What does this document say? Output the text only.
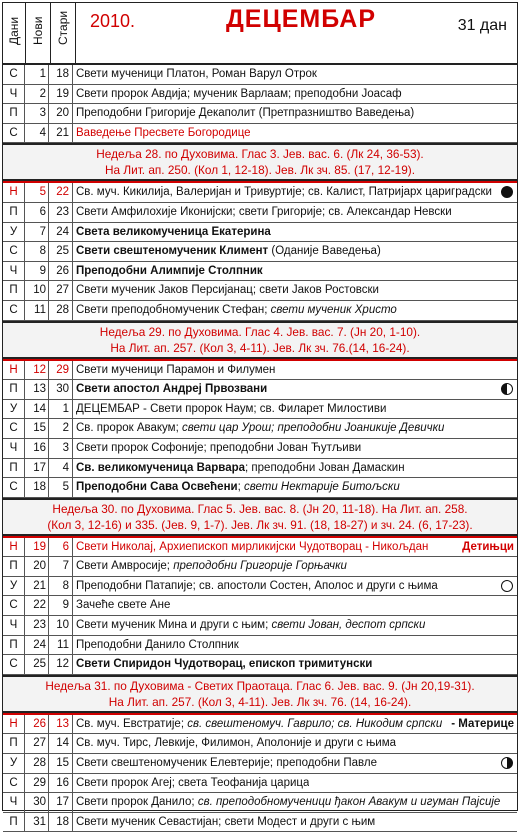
Дани Нови Стари 2010.	ДЕЦЕМБАР	31 дан
С	1 18 Свети мученици Платон, Роман Варул Отрок
Ч	2 19 Свети пророк Авдија; мученик Варлаам; преподобни Јоасаф
П	3 20 Преподобни Григорије Декаполит (Претпразништво Ваведења)
С	4 21 Ваведење Пресвете Богородице
Недеља 28. по Духовима. Глас 3. Јев. вас. 6. (Лк 24, 36-53).
На Лит. ап. 250. (Кол 1, 12-18). Јев. Лк зч. 85. (17, 12-19).
Н	5 22 Св. муч. Кикилија, Валеријан и Тривуртије; св. Калист, Патријарх цариградски
П	6 23 Свети Амфилохије Иконијски; свети Григорије; св. Александар Невски
У	7 24 Света великомученица Екатерина
С	8 25 Свети свештеномученик Климент (Оданије Ваведења)
Ч	9 26 Преподобни Алимпије Столпник
П	10 27 Свети мученик Јаков Персијанац; свети Јаков Ростовски
С	11 28 Свети преподобномученик Стефан; свети мученик Христо
Недеља 29. по Духовима. Глас 4. Јев. вас. 7. (Јн 20, 1-10).
На Лит. ап. 257. (Кол 3, 4-11). Јев. Лк зч. 76.(14, 16-24).
Н	12 29 Свети мученици Парамон и Филумен
П	13 30 Свети апостол Андреј Првозвани
У	14	1 ДЕЦЕМБАР - Свети пророк Наум; св. Филарет Милостиви
С	15	2 Св. пророк Авакум; свети цар Урош; преподобни Јоаникије Девички
Ч	16	3 Свети пророк Софоније; преподобни Јован Ћутљиви
П	17	4 Св. великомученица Варвара; преподобни Јован Дамаскин
С	18	5 Преподобни Сава Освећени; свети Нектарије Битољски
Недеља 30. по Духовима. Глас 5. Јев. вас. 8. (Јн 20, 11-18). На Лит. ап. 258.
(Кол 3, 12-16) и 335. (Јев. 9, 1-7). Јев. Лк зч. 91. (18, 18-27) и зч. 24. (6, 17-23).
Н	19	6 Свети Николај, Архиепископ мирликијски Чудотворац - Никољдан	Детињци
П	20	7 Свети Амвросије; преподобни Григорије Горњачки
У	21	8 Преподобни Патапије; св. апостоли Состен, Аполос и други с њима
С	22	9 Зачеће свете Ане
Ч	23 10 Свети мученик Мина и други с њим; свети Јован, деспот српски
П	24 11 Преподобни Данило Столпник
С	25 12 Свети Спиридон Чудотворац, епископ тримитунски
Недеља 31. по Духовима - Светих Праотаца. Глас 6. Јев. вас. 9. (Јн 20,19-31).
На Лит. ап. 257. (Кол 3, 4-11). Јев. Лк зч. 76. (14, 16-24).
Н	26 13 Св. муч. Евстратије; св. свештеномуч. Гаврило; св. Никодим српски - Материце
П	27 14 Св. муч. Тирс, Левкије, Филимон, Аполоније и други с њима
У	28 15 Свети свештеномученик Елевтерије; преподобни Павле
С	29 16 Свети пророк Агеј; света Теофанија царица
Ч	30 17 Свети пророк Данило; св. преподобномученици ђакон Авакум и игуман Пајсије
П	31 18 Свети мученик Севастијан; свети Модест и други с њим
